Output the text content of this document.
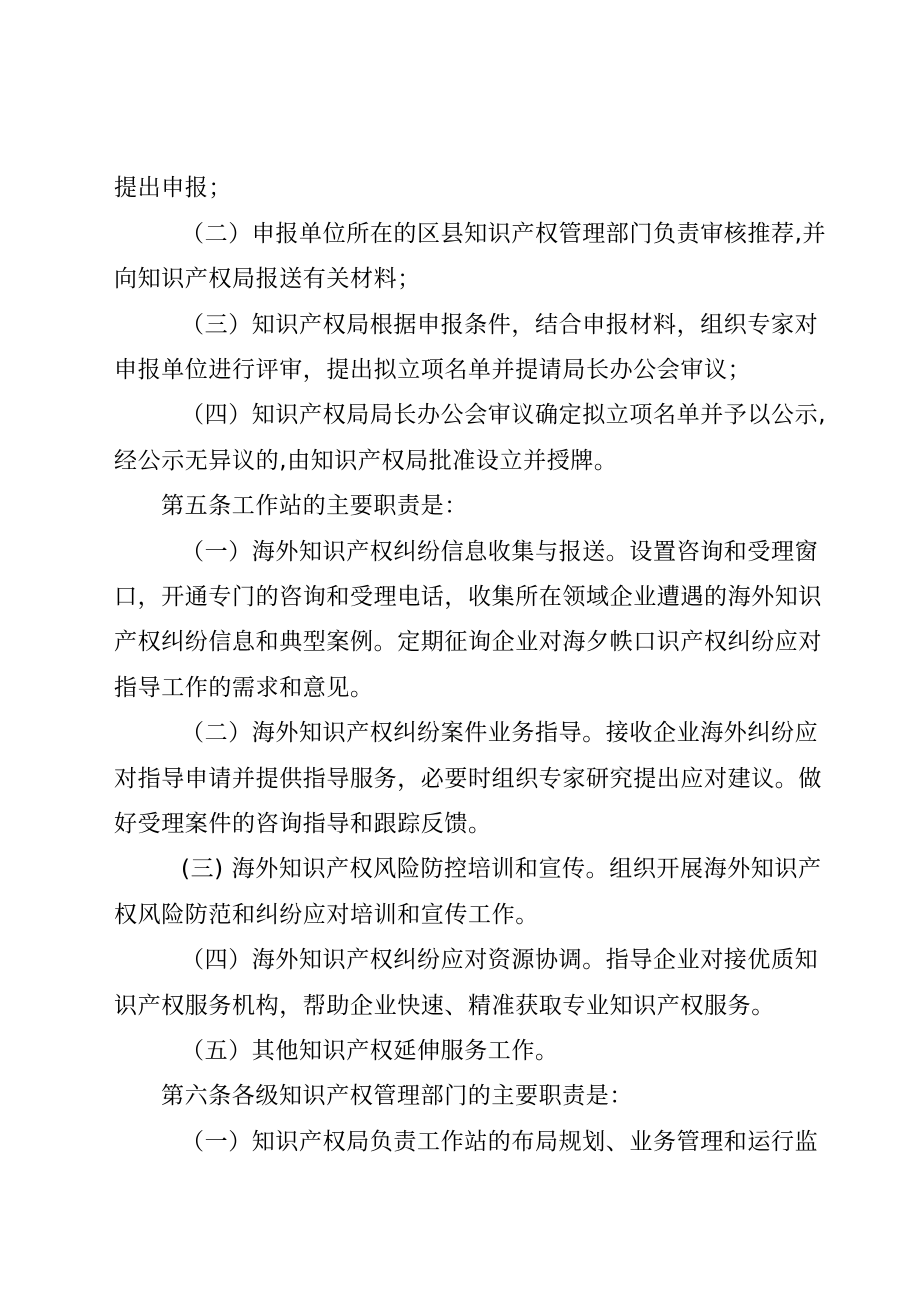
提出申报；
（二）申报单位所在的区县知识产权管理部门负责审核推荐,并
向知识产权局报送有关材料；
（三）知识产权局根据申报条件，结合申报材料，组织专家对
申报单位进行评审，提出拟立项名单并提请局长办公会审议；
（四）知识产权局局长办公会审议确定拟立项名单并予以公示,
经公示无异议的,由知识产权局批准设立并授牌。
第五条工作站的主要职责是：
（一）海外知识产权纠纷信息收集与报送。设置咨询和受理窗
口，开通专门的咨询和受理电话，收集所在领域企业遭遇的海外知识
产权纠纷信息和典型案例。定期征询企业对海夕帙口识产权纠纷应对
指导工作的需求和意见。
（二）海外知识产权纠纷案件业务指导。接收企业海外纠纷应
对指导申请并提供指导服务，必要时组织专家研究提出应对建议。做
好受理案件的咨询指导和跟踪反馈。
(三) 海外知识产权风险防控培训和宣传。组织开展海外知识产
权风险防范和纠纷应对培训和宣传工作。
（四）海外知识产权纠纷应对资源协调。指导企业对接优质知
识产权服务机构，帮助企业快速、精准获取专业知识产权服务。
（五）其他知识产权延伸服务工作。
第六条各级知识产权管理部门的主要职责是：
（一）知识产权局负责工作站的布局规划、业务管理和运行监
